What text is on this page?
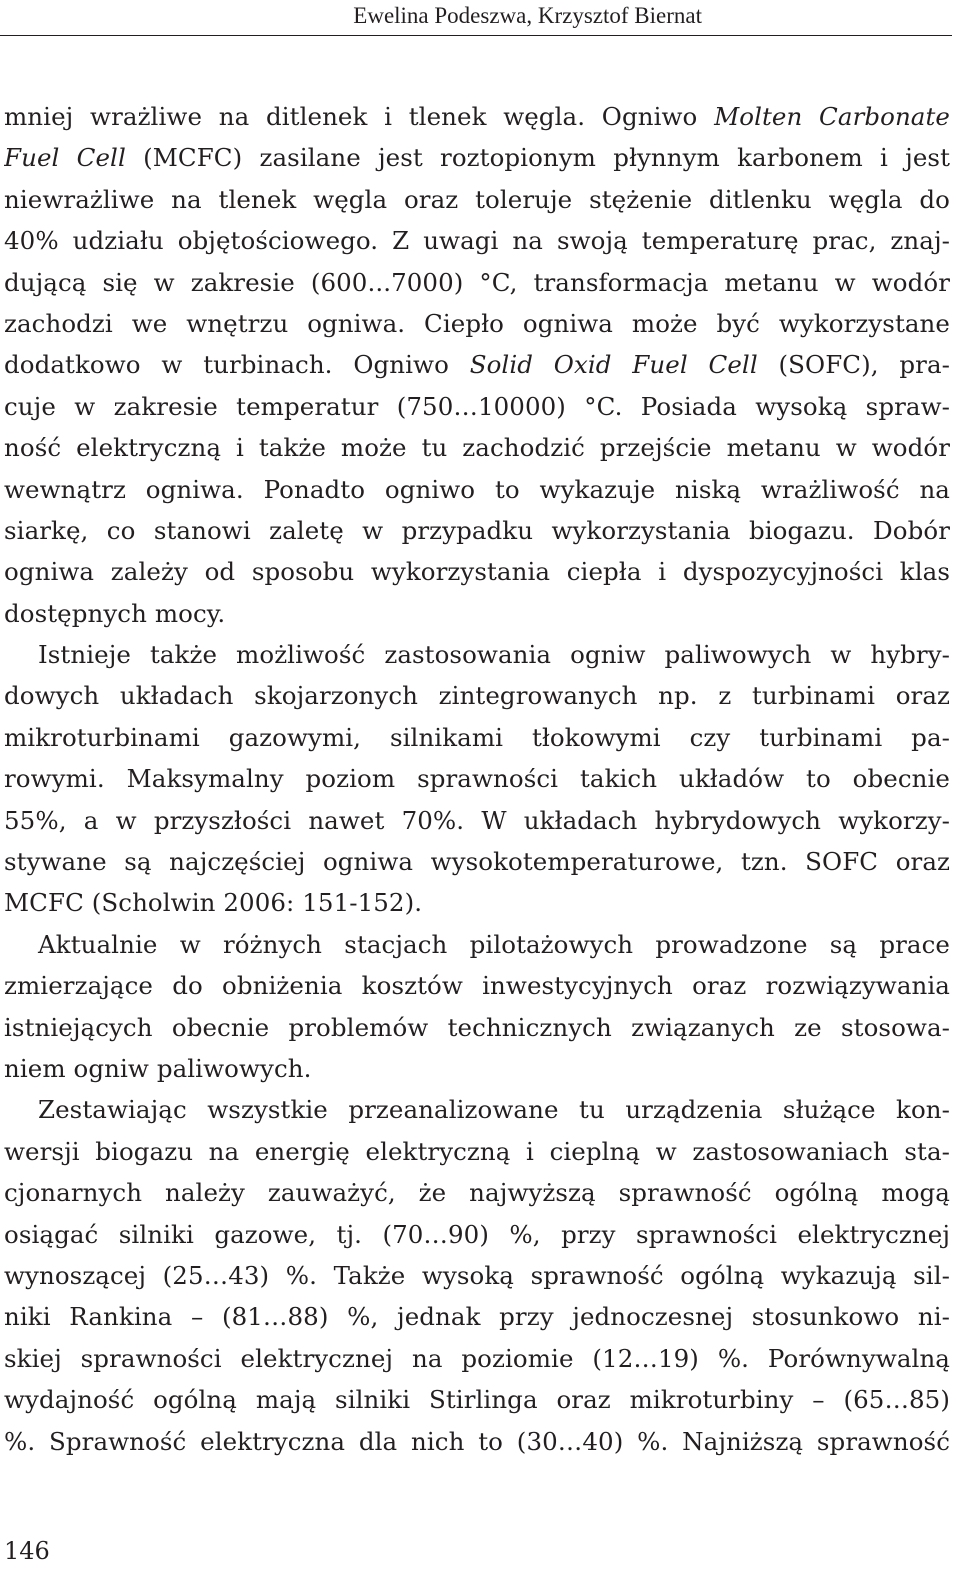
Ewelina Podeszwa, Krzysztof Biernat
mniej wrażliwe na ditlenek i tlenek węgla. Ogniwo Molten Carbonate
Fuel Cell (MCFC) zasilane jest roztopionym płynnym karbonem i jest
niewrażliwe na tlenek węgla oraz toleruje stężenie ditlenku węgla do
40% udziału objętościowego. Z uwagi na swoją temperaturę prac, znaj-
dującą się w zakresie (600...7000) °C, transformacja metanu w wodór
zachodzi we wnętrzu ogniwa. Ciepło ogniwa może być wykorzystane
dodatkowo w turbinach. Ogniwo Solid Oxid Fuel Cell (SOFC), pra-
cuje w zakresie temperatur (750…10000) °C. Posiada wysoką spraw-
ność elektryczną i także może tu zachodzić przejście metanu w wodór
wewnątrz ogniwa. Ponadto ogniwo to wykazuje niską wrażliwość na
siarkę, co stanowi zaletę w przypadku wykorzystania biogazu. Dobór
ogniwa zależy od sposobu wykorzystania ciepła i dyspozycyjności klas
dostępnych mocy.
Istnieje także możliwość zastosowania ogniw paliwowych w hybry-
dowych układach skojarzonych zintegrowanych np. z turbinami oraz
mikroturbinami gazowymi, silnikami tłokowymi czy turbinami pa-
rowymi. Maksymalny poziom sprawności takich układów to obecnie
55%, a w przyszłości nawet 70%. W układach hybrydowych wykorzy-
stywane są najczęściej ogniwa wysokotemperaturowe, tzn. SOFC oraz
MCFC (Scholwin 2006: 151-152).
Aktualnie w różnych stacjach pilotażowych prowadzone są prace
zmierzające do obniżenia kosztów inwestycyjnych oraz rozwiązywania
istniejących obecnie problemów technicznych związanych ze stosowa-
niem ogniw paliwowych.
Zestawiając wszystkie przeanalizowane tu urządzenia służące kon-
wersji biogazu na energię elektryczną i cieplną w zastosowaniach sta-
cjonarnych należy zauważyć, że najwyższą sprawność ogólną mogą
osiągać silniki gazowe, tj. (70…90) %, przy sprawności elektrycznej
wynoszącej (25…43) %. Także wysoką sprawność ogólną wykazują sil-
niki Rankina – (81…88) %, jednak przy jednoczesnej stosunkowo ni-
skiej sprawności elektrycznej na poziomie (12…19) %. Porównywalną
wydajność ogólną mają silniki Stirlinga oraz mikroturbiny – (65…85)
%. Sprawność elektryczna dla nich to (30…40) %. Najniższą sprawność
146
